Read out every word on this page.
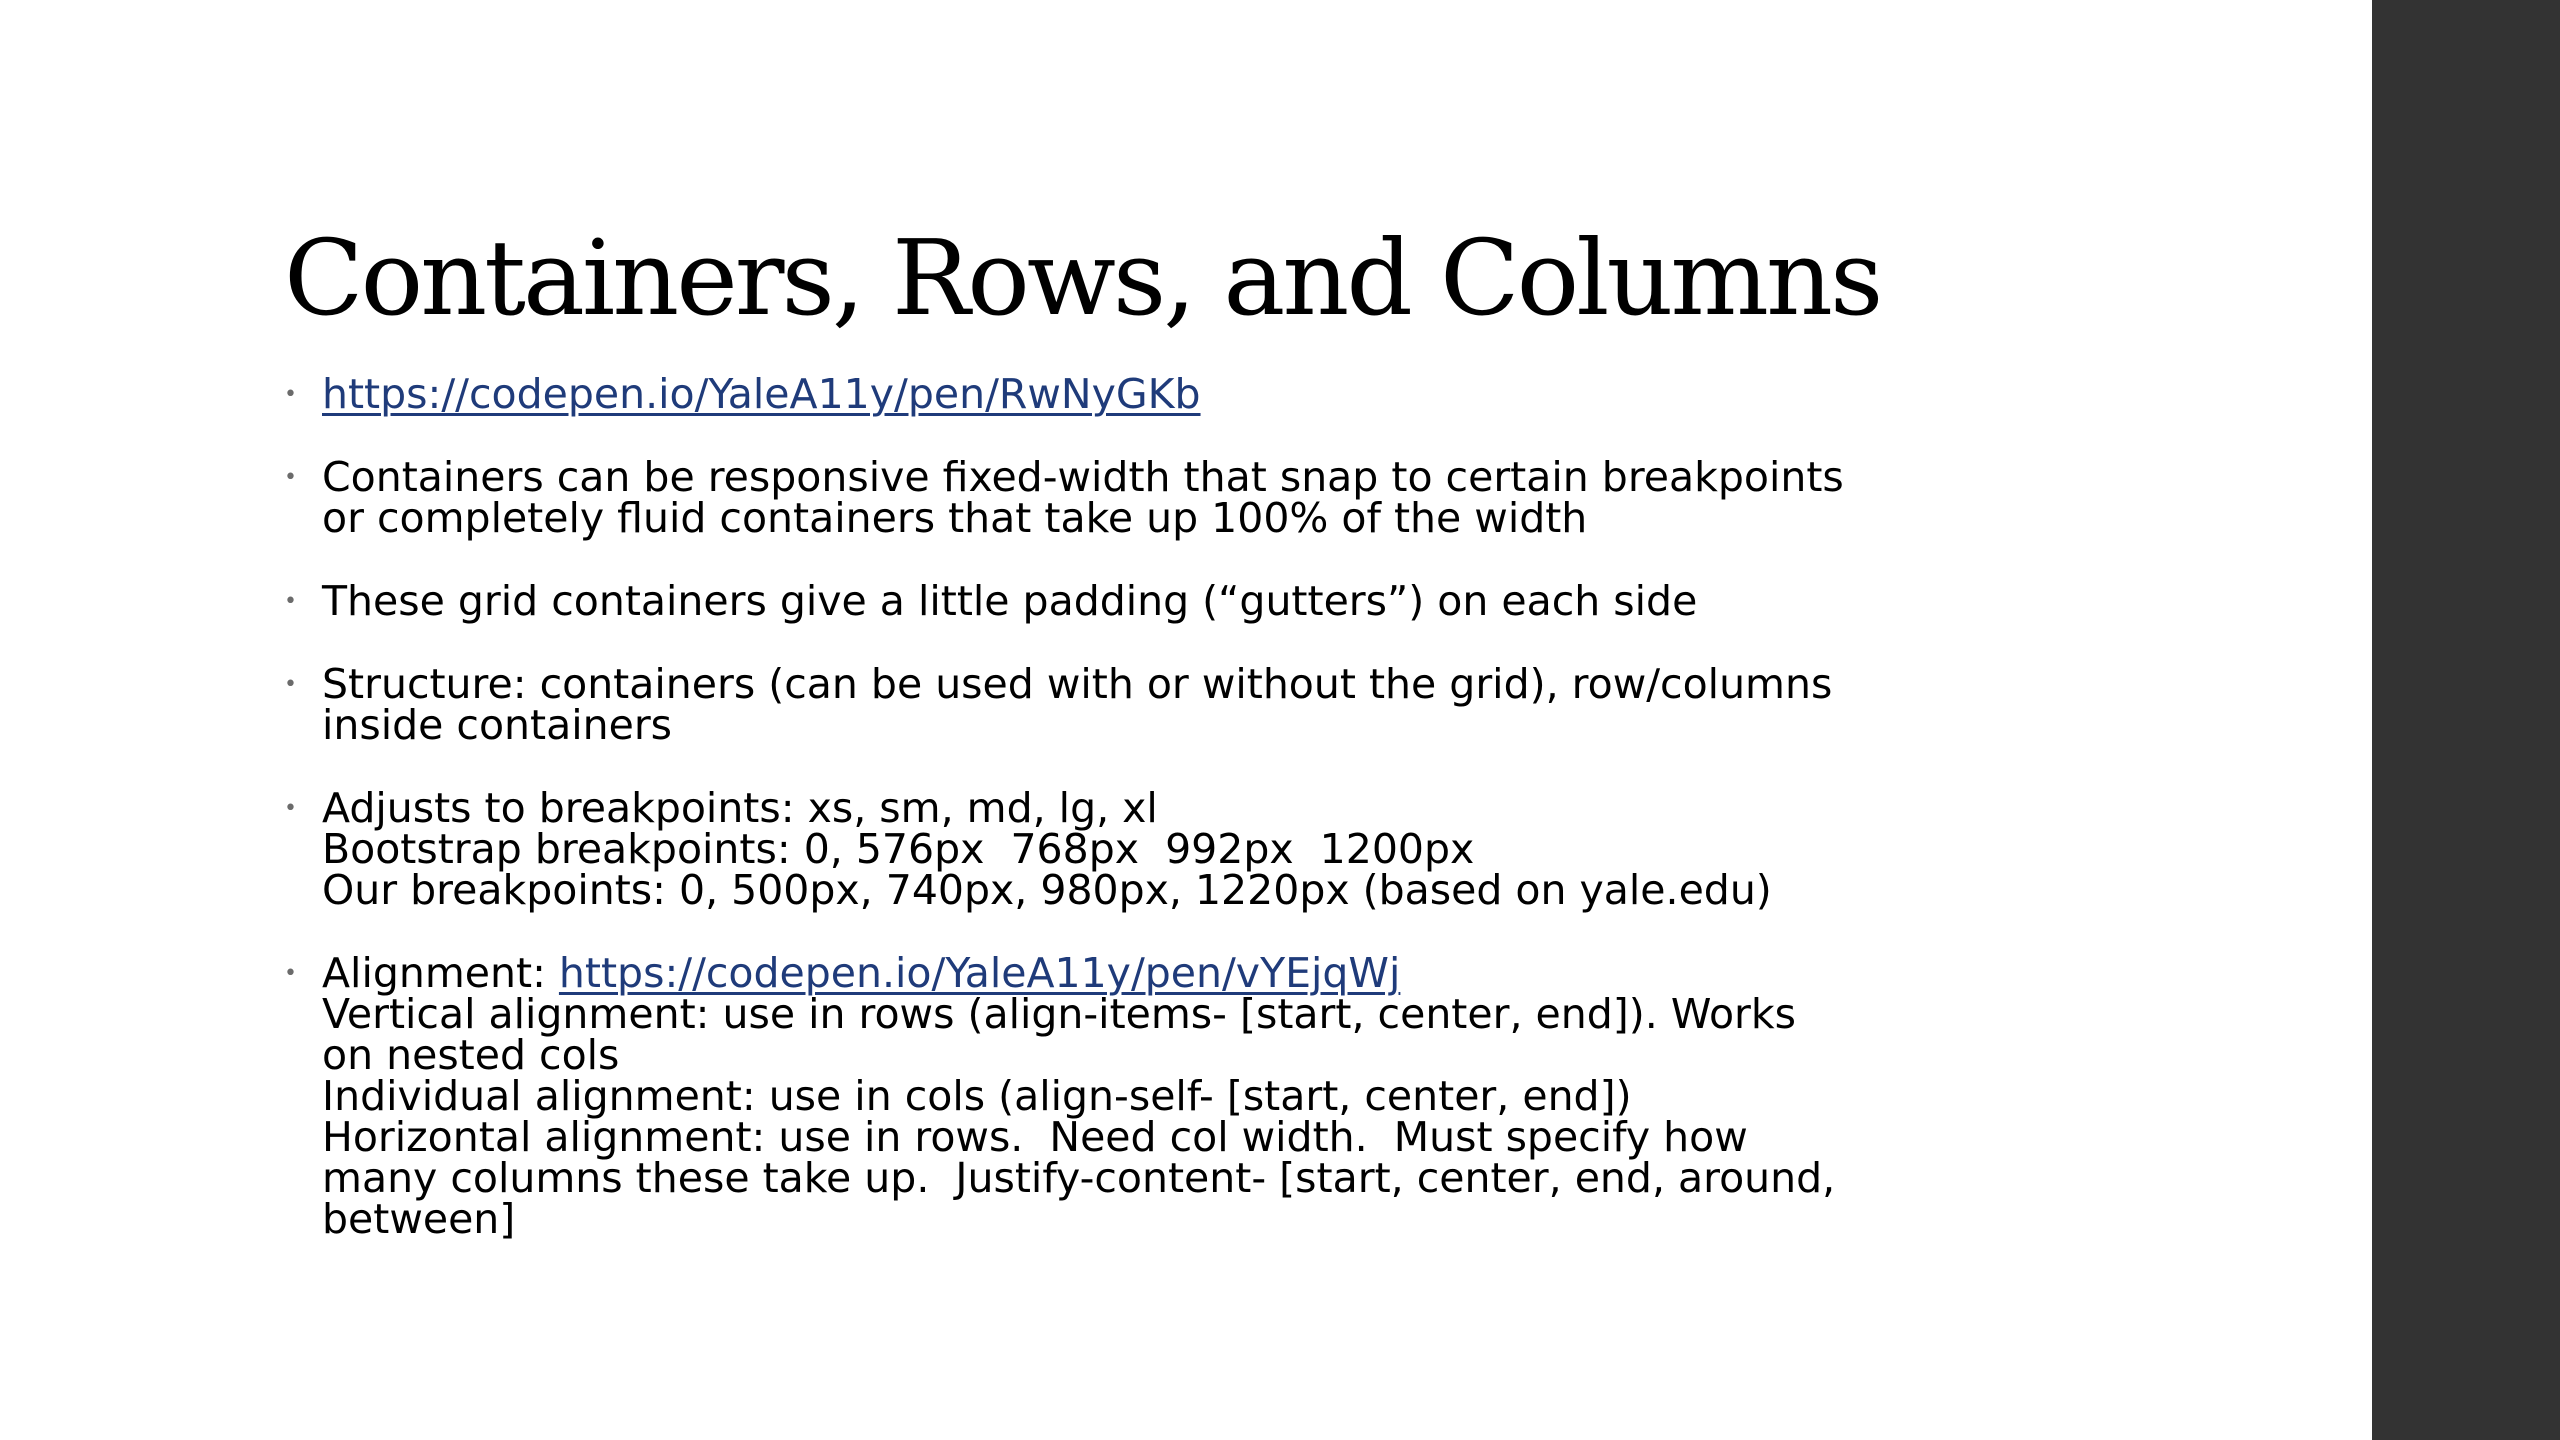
Containers, Rows, and Columns
• https://codepen.io/YaleA11y/pen/RwNyGKb
• Containers can be responsive fixed-width that snap to certain breakpoints
or completely fluid containers that take up 100% of the width
• These grid containers give a little padding (“gutters”) on each side
• Structure: containers (can be used with or without the grid), row/columns
inside containers
• Adjusts to breakpoints: xs, sm, md, lg, xl
Bootstrap breakpoints: 0, 576px  768px  992px  1200px
Our breakpoints: 0, 500px, 740px, 980px, 1220px (based on yale.edu)
• Alignment: https://codepen.io/YaleA11y/pen/vYEjqWj
Vertical alignment: use in rows (align-items- [start, center, end]). Works
on nested cols
Individual alignment: use in cols (align-self- [start, center, end])
Horizontal alignment: use in rows.  Need col width.  Must specify how
many columns these take up.  Justify-content- [start, center, end, around,
between]
